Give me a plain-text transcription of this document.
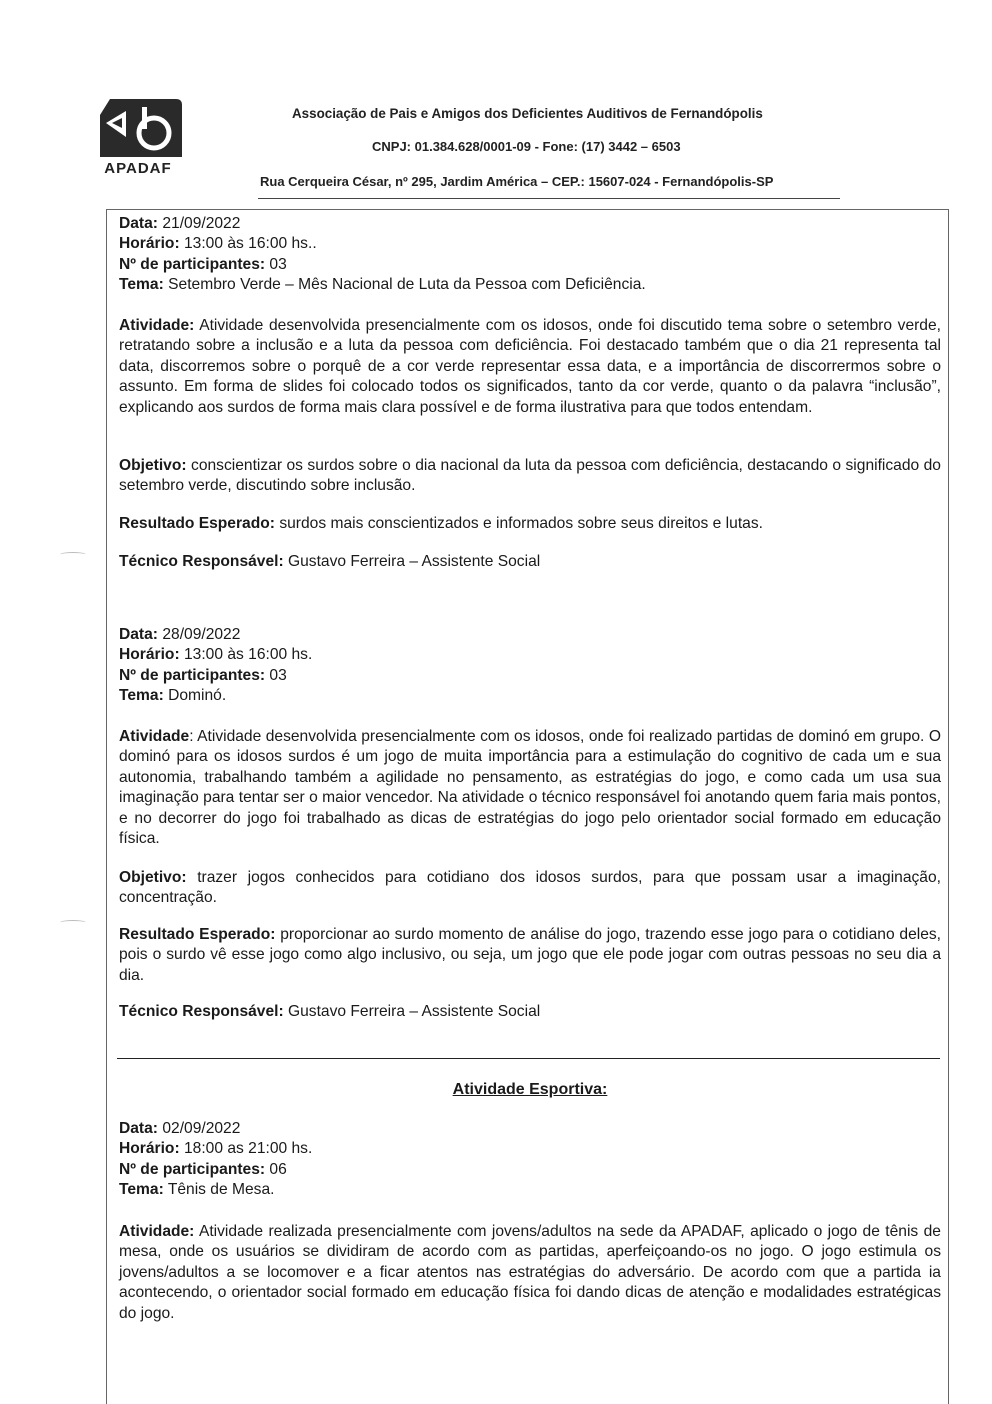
APADAF
Associação de Pais e Amigos dos Deficientes Auditivos de Fernandópolis
CNPJ: 01.384.628/0001-09 - Fone: (17) 3442 – 6503
Rua Cerqueira César, nº 295, Jardim América – CEP.: 15607-024 - Fernandópolis-SP

Data: 21/09/2022

Horário: 13:00 às 16:00 hs..

Nº de participantes: 03

Tema: Setembro Verde – Mês Nacional de Luta da Pessoa com Deficiência.

Atividade: Atividade desenvolvida presencialmente com os idosos, onde foi discutido tema sobre o setembro verde, retratando sobre a inclusão e a luta da pessoa com deficiência. Foi destacado também que o dia 21 representa tal data, discorremos sobre o porquê de a cor verde representar essa data, e a importância de discorrermos sobre o assunto. Em forma de slides foi colocado todos os significados, tanto da cor verde, quanto o da palavra “inclusão”, explicando aos surdos de forma mais clara possível e de forma ilustrativa para que todos entendam.

Objetivo: conscientizar os surdos sobre o dia nacional da luta da pessoa com deficiência, destacando o significado do setembro verde, discutindo sobre inclusão.

Resultado Esperado: surdos mais conscientizados e informados sobre seus direitos e lutas.

Técnico Responsável: Gustavo Ferreira – Assistente Social

Data: 28/09/2022

Horário: 13:00 às 16:00 hs.

Nº de participantes: 03

Tema: Dominó.

Atividade: Atividade desenvolvida presencialmente com os idosos, onde foi realizado partidas de dominó em grupo. O dominó para os idosos surdos é um jogo de muita importância para a estimulação do cognitivo de cada um e sua autonomia, trabalhando também a agilidade no pensamento, as estratégias do jogo, e como cada um usa sua imaginação para tentar ser o maior vencedor. Na atividade o técnico responsável foi anotando quem faria mais pontos, e no decorrer do jogo foi trabalhado as dicas de estratégias do jogo pelo orientador social formado em educação física.

Objetivo: trazer jogos conhecidos para cotidiano dos idosos surdos, para que possam usar a imaginação, concentração.

Resultado Esperado: proporcionar ao surdo momento de análise do jogo, trazendo esse jogo para o cotidiano deles, pois o surdo vê esse jogo como algo inclusivo, ou seja, um jogo que ele pode jogar com outras pessoas no seu dia a dia.

Técnico Responsável: Gustavo Ferreira – Assistente Social

Atividade Esportiva:

Data: 02/09/2022

Horário: 18:00 as 21:00 hs.

Nº de participantes: 06

Tema: Tênis de Mesa.

Atividade: Atividade realizada presencialmente com jovens/adultos na sede da APADAF, aplicado o jogo de tênis de mesa, onde os usuários se dividiram de acordo com as partidas, aperfeiçoando-os no jogo. O jogo estimula os jovens/adultos a se locomover e a ficar atentos nas estratégias do adversário. De acordo com que a partida ia acontecendo, o orientador social formado em educação física foi dando dicas de atenção e modalidades estratégicas do jogo.
